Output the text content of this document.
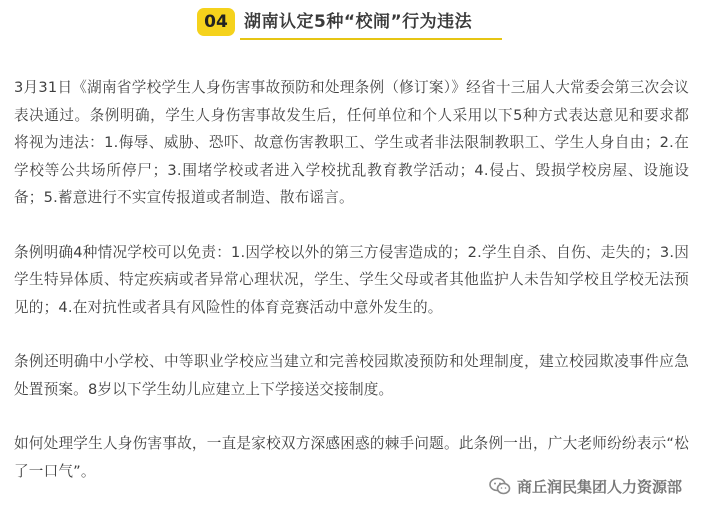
04 湖南认定5种“校闹”行为违法

3月31日《湖南省学校学生人身伤害事故预防和处理条例（修订案）》经省十三届人大常委会第三次会议表决通过。条例明确，学生人身伤害事故发生后，任何单位和个人采用以下5种方式表达意见和要求都将视为违法：1.侮辱、威胁、恐吓、故意伤害教职工、学生或者非法限制教职工、学生人身自由；2.在学校等公共场所停尸；3.围堵学校或者进入学校扰乱教育教学活动；4.侵占、毁损学校房屋、设施设备；5.蓄意进行不实宣传报道或者制造、散布谣言。

条例明确4种情况学校可以免责：1.因学校以外的第三方侵害造成的；2.学生自杀、自伤、走失的；3.因学生特异体质、特定疾病或者异常心理状况，学生、学生父母或者其他监护人未告知学校且学校无法预见的；4.在对抗性或者具有风险性的体育竞赛活动中意外发生的。

条例还明确中小学校、中等职业学校应当建立和完善校园欺凌预防和处理制度，建立校园欺凌事件应急处置预案。8岁以下学生幼儿应建立上下学接送交接制度。

如何处理学生人身伤害事故，一直是家校双方深感困惑的棘手问题。此条例一出，广大老师纷纷表示“松了一口气”。

商丘润民集团人力资源部
